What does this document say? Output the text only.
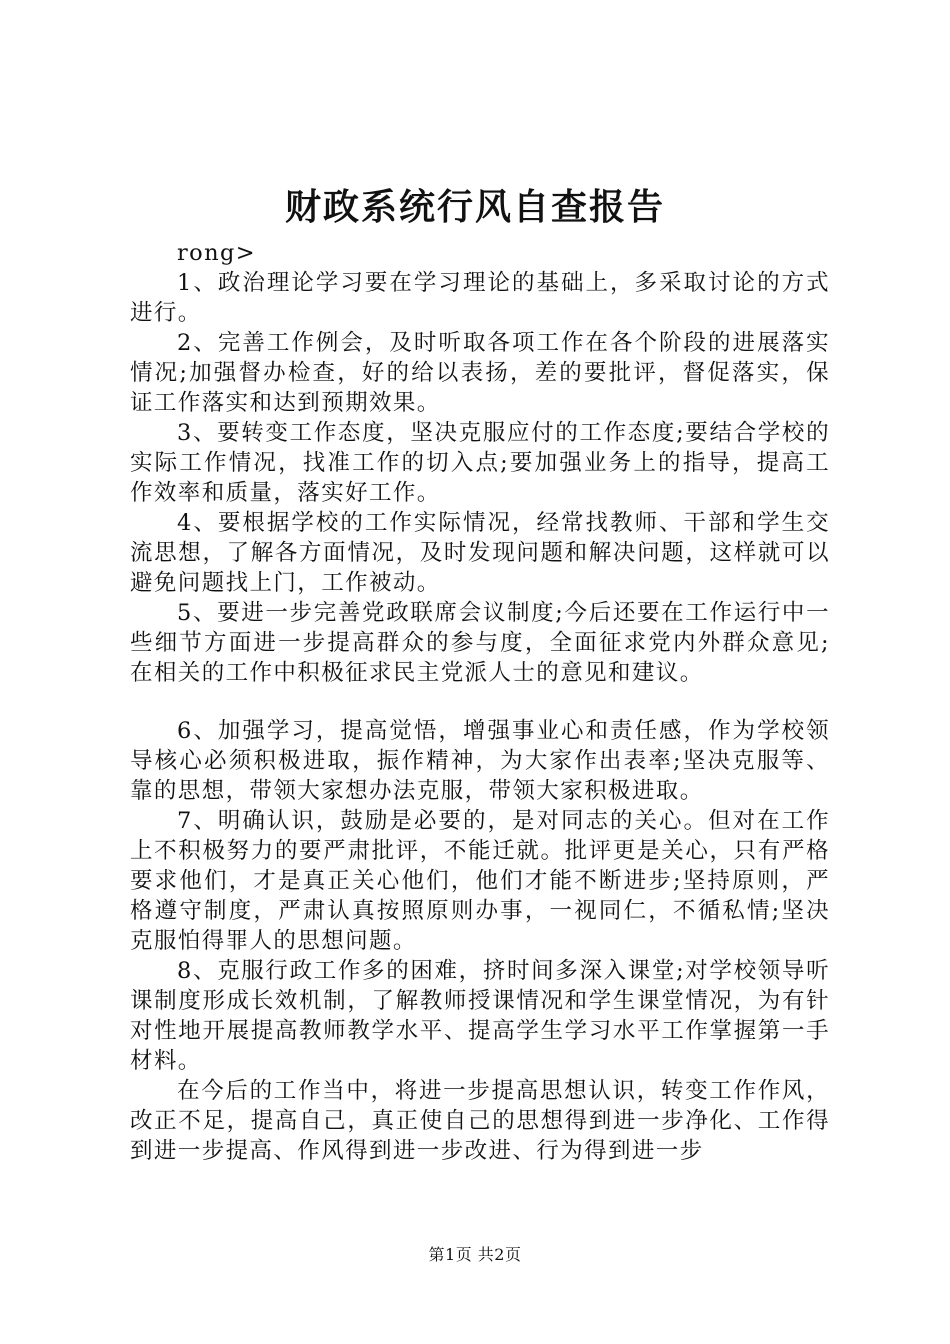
财政系统行风自查报告

rong>

1、政治理论学习要在学习理论的基础上，多采取讨论的方式进行。

2、完善工作例会，及时听取各项工作在各个阶段的进展落实情况;加强督办检查，好的给以表扬，差的要批评，督促落实，保证工作落实和达到预期效果。

3、要转变工作态度，坚决克服应付的工作态度;要结合学校的实际工作情况，找准工作的切入点;要加强业务上的指导，提高工作效率和质量，落实好工作。

4、要根据学校的工作实际情况，经常找教师、干部和学生交流思想，了解各方面情况，及时发现问题和解决问题，这样就可以避免问题找上门，工作被动。

5、要进一步完善党政联席会议制度;今后还要在工作运行中一些细节方面进一步提高群众的参与度，全面征求党内外群众意见;在相关的工作中积极征求民主党派人士的意见和建议。

6、加强学习，提高觉悟，增强事业心和责任感，作为学校领导核心必须积极进取，振作精神，为大家作出表率;坚决克服等、靠的思想，带领大家想办法克服，带领大家积极进取。

7、明确认识，鼓励是必要的，是对同志的关心。但对在工作上不积极努力的要严肃批评，不能迁就。批评更是关心，只有严格要求他们，才是真正关心他们，他们才能不断进步;坚持原则，严格遵守制度，严肃认真按照原则办事，一视同仁，不循私情;坚决克服怕得罪人的思想问题。

8、克服行政工作多的困难，挤时间多深入课堂;对学校领导听课制度形成长效机制，了解教师授课情况和学生课堂情况，为有针对性地开展提高教师教学水平、提高学生学习水平工作掌握第一手材料。

在今后的工作当中，将进一步提高思想认识，转变工作作风，改正不足，提高自己，真正使自己的思想得到进一步净化、工作得到进一步提高、作风得到进一步改进、行为得到进一步

第1页 共2页
